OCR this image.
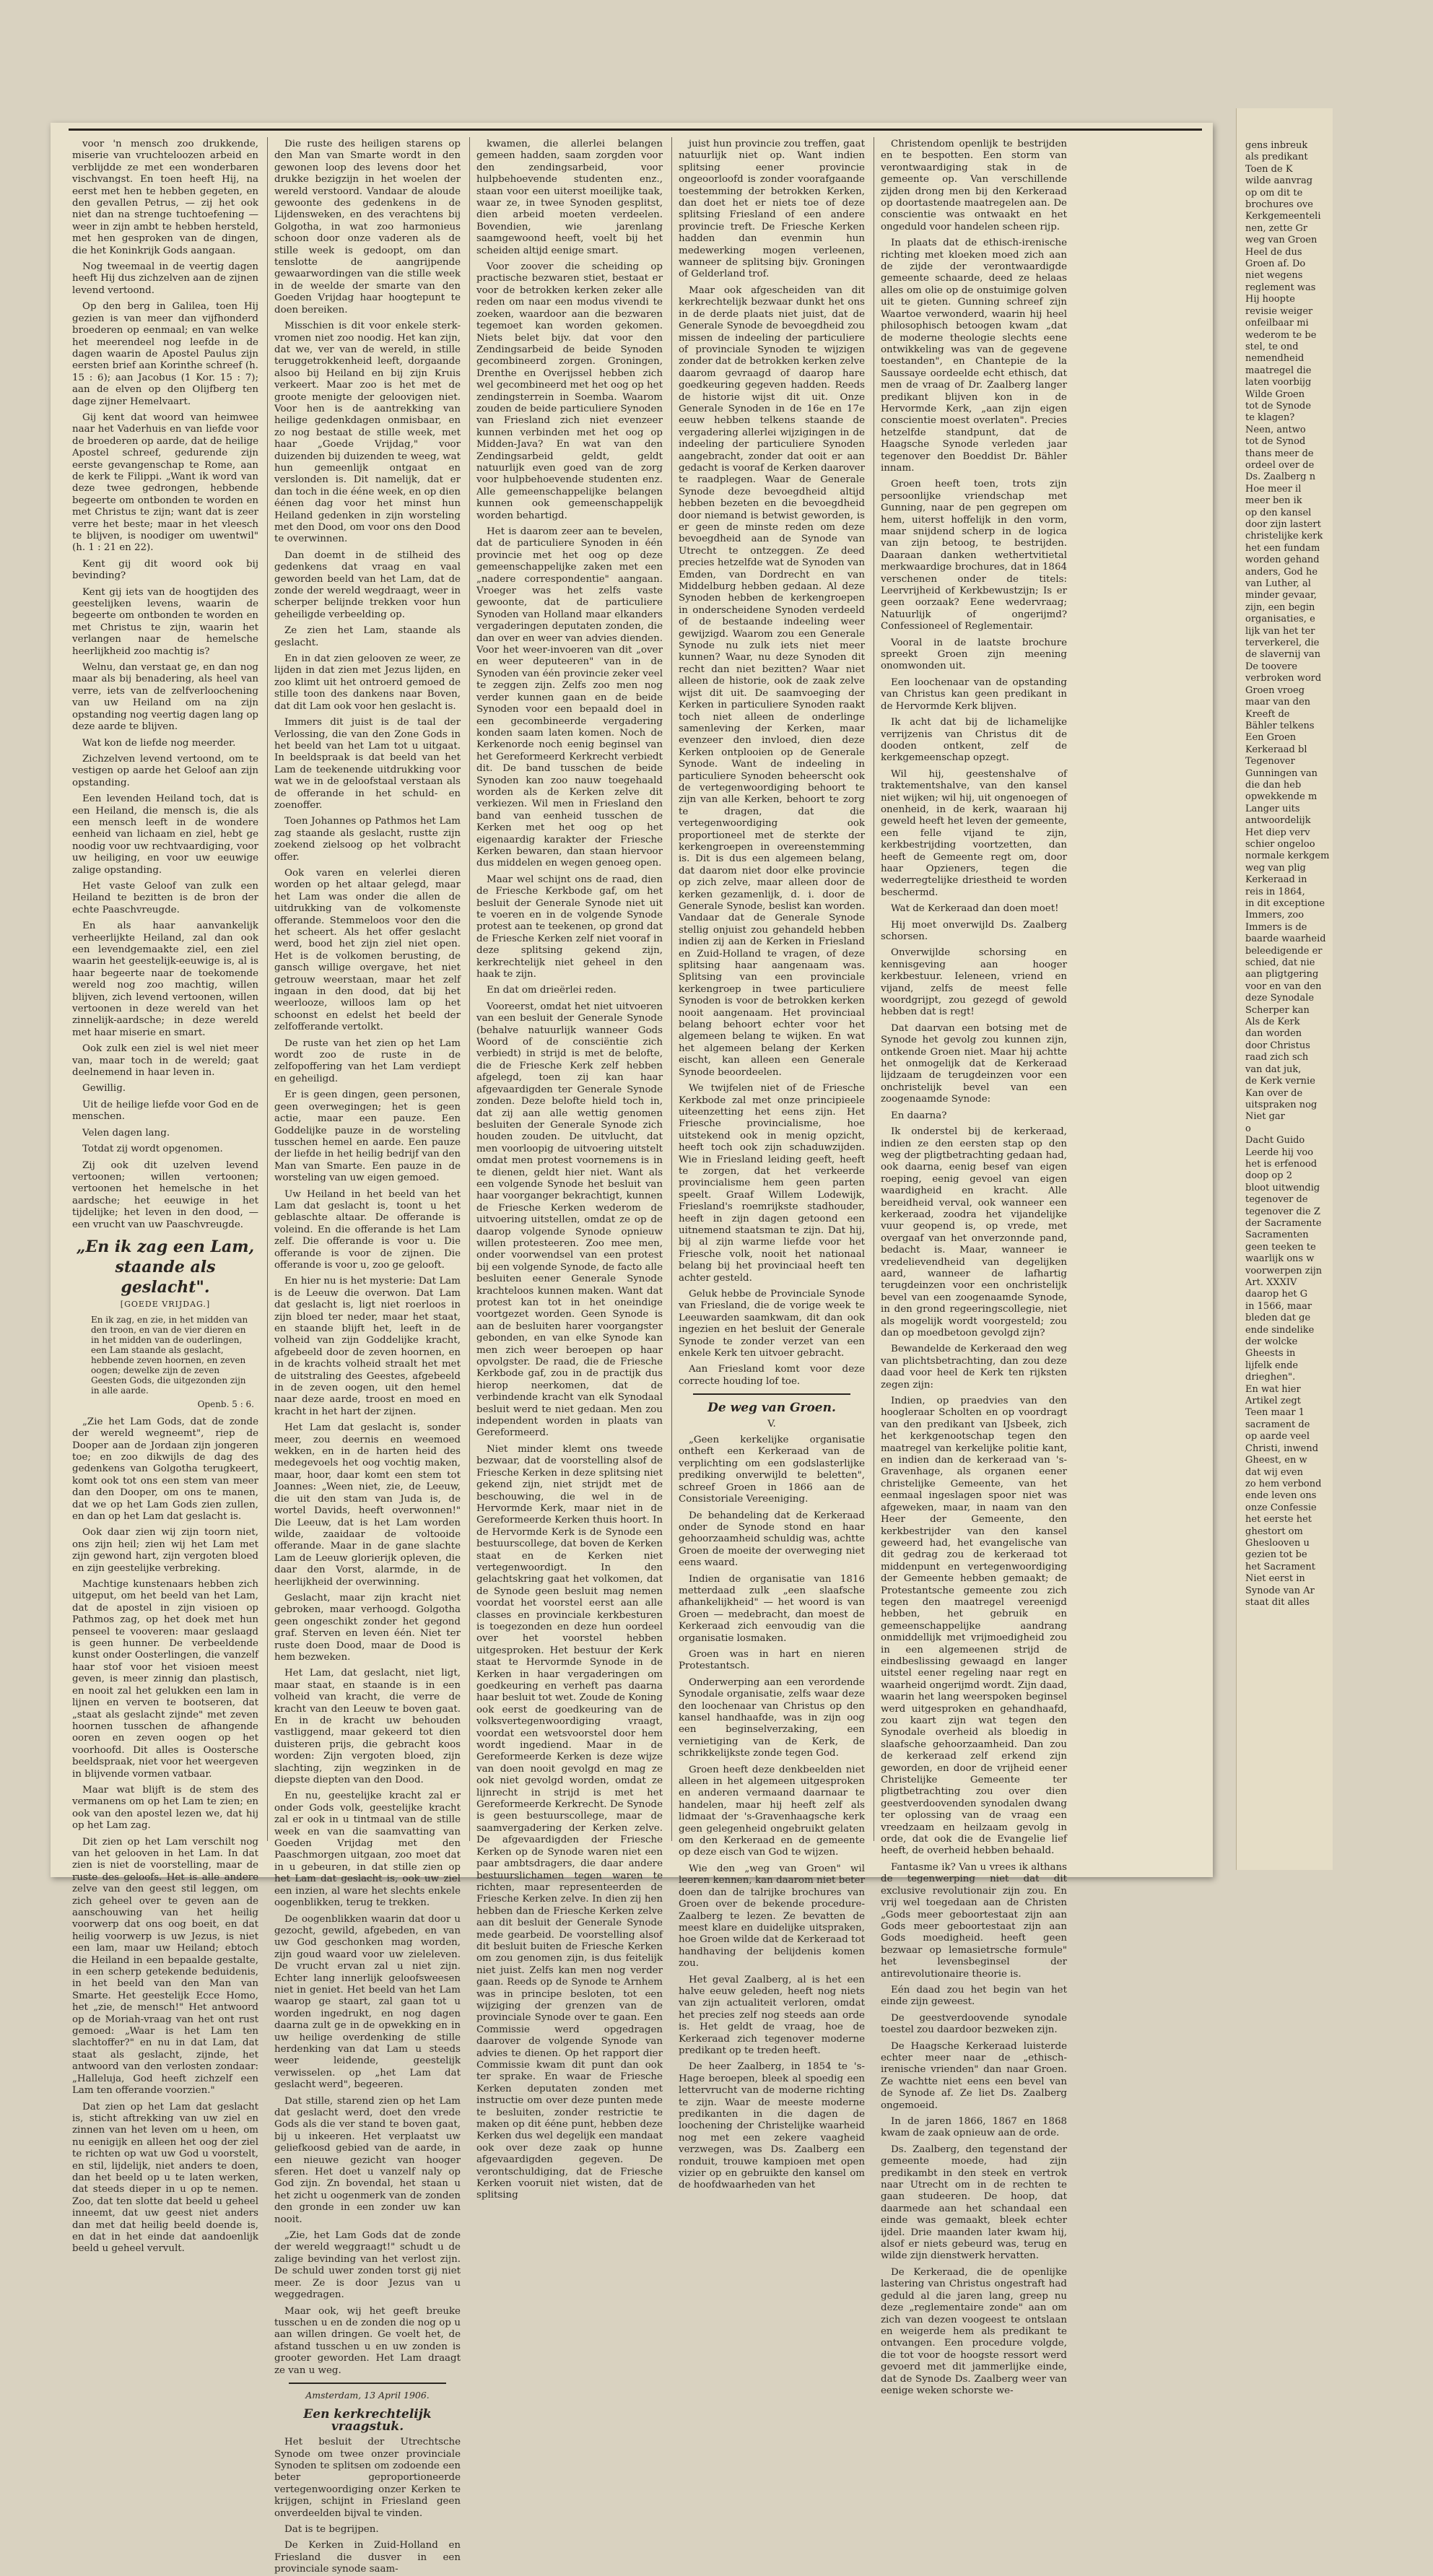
voor 'n mensch zoo drukkende, miserie van vruchteloozen arbeid en verblijdde ze met een wonderbaren vischvangst. En toen heeft Hij, na eerst met hen te hebben gegeten, en den gevallen Petrus, — zij het ook niet dan na strenge tuchtoefening — weer in zijn ambt te hebben hersteld, met hen gesproken van de dingen, die het Koninkrijk Gods aangaan.

Nog tweemaal in de veertig dagen heeft Hij dus zichzelven aan de zijnen levend vertoond.

Op den berg in Galilea, toen Hij gezien is van meer dan vijfhonderd broederen op eenmaal; en van welke het meerendeel nog leefde in de dagen waarin de Apostel Paulus zijn eersten brief aan Korinthe schreef (h. 15 : 6); aan Jacobus (1 Kor. 15 : 7); aan de elven op den Olijfberg ten dage zijner Hemelvaart.

Gij kent dat woord van heimwee naar het Vaderhuis en van liefde voor de broederen op aarde, dat de heilige Apostel schreef, gedurende zijn eerste gevangenschap te Rome, aan de kerk te Filippi. „Want ik word van deze twee gedrongen, hebbende begeerte om ontbonden te worden en met Christus te zijn; want dat is zeer verre het beste; maar in het vleesch te blijven, is noodiger om uwentwil" (h. 1 : 21 en 22).

Kent gij dit woord ook bij bevinding?

Kent gij iets van de hoogtijden des geestelijken levens, waarin de begeerte om ontbonden te worden en met Christus te zijn, waarin het verlangen naar de hemelsche heerlijkheid zoo machtig is?

Welnu, dan verstaat ge, en dan nog maar als bij benadering, als heel van verre, iets van de zelfverloochening van uw Heiland om na zijn opstanding nog veertig dagen lang op deze aarde te blijven.

Wat kon de liefde nog meerder.

Zichzelven levend vertoond, om te vestigen op aarde het Geloof aan zijn opstanding.

Een levenden Heiland toch, dat is een Heiland, die mensch is, die als een mensch leeft in de wondere eenheid van lichaam en ziel, hebt ge noodig voor uw rechtvaardiging, voor uw heiliging, en voor uw eeuwige zalige opstanding.

Het vaste Geloof van zulk een Heiland te bezitten is de bron der echte Paaschvreugde.

En als haar aanvankelijk verheerlijkte Heiland, zal dan ook een levendgemaakte ziel, een ziel waarin het geestelijk-eeuwige is, al is haar begeerte naar de toekomende wereld nog zoo machtig, willen blijven, zich levend vertoonen, willen vertoonen in deze wereld van het zinnelijk-aardsche; in deze wereld met haar miserie en smart.

Ook zulk een ziel is wel niet meer van, maar toch in de wereld; gaat deelnemend in haar leven in.

Gewillig.

Uit de heilige liefde voor God en de menschen.

Velen dagen lang.

Totdat zij wordt opgenomen.

Zij ook dit uzelven levend vertoonen; willen vertoonen; vertoonen het hemelsche in het aardsche; het eeuwige in het tijdelijke; het leven in den dood, — een vrucht van uw Paaschvreugde.

„En ik zag een Lam, staande als geslacht".
[GOEDE VRIJDAG.]
En ik zag, en zie, in het midden van den troon, en van de vier dieren en in het midden van de ouderlingen, een Lam staande als geslacht, hebbende zeven hoornen, en zeven oogen; dewelke zijn de zeven Geesten Gods, die uitgezonden zijn in alle aarde.
Openb. 5 : 6.

„Zie het Lam Gods, dat de zonde der wereld wegneemt", riep de Dooper aan de Jordaan zijn jongeren toe; en zoo dikwijls de dag des gedenkens van Golgotha terugkeert, komt ook tot ons een stem van meer dan den Dooper, om ons te manen, dat we op het Lam Gods zien zullen, en dan op het Lam dat geslacht is.

Ook daar zien wij zijn toorn niet, ons zijn heil; zien wij het Lam met zijn gewond hart, zijn vergoten bloed en zijn geestelijke verbreking.

Machtige kunstenaars hebben zich uitgeput, om het beeld van het Lam, dat de apostel in zijn visioen op Pathmos zag, op het doek met hun penseel te vooveren: maar geslaagd is geen hunner. De verbeeldende kunst onder Oosterlingen, die vanzelf haar stof voor het visioen meest geven, is meer zinnig dan plastisch, en nooit zal het gelukken een lam in lijnen en verven te bootseren, dat „staat als geslacht zijnde" met zeven hoornen tusschen de afhangende ooren en zeven oogen op het voorhoofd. Dit alles is Oostersche beeldspraak, niet voor het weergeven in blijvende vormen vatbaar.

Maar wat blijft is de stem des vermanens om op het Lam te zien; en ook van den apostel lezen we, dat hij op het Lam zag.

Dit zien op het Lam verschilt nog van het gelooven in het Lam. In dat zien is niet de voorstelling, maar de ruste des geloofs. Het is alle andere zelve van den geest stil leggen, om zich geheel over te geven aan de aanschouwing van het heilig voorwerp dat ons oog boeit, en dat heilig voorwerp is uw Jezus, is niet een lam, maar uw Heiland; ebtoch die Heiland in een bepaalde gestalte, in een scherp getekende beduidenis, in het beeld van den Man van Smarte. Het geestelijk Ecce Homo, het „zie, de mensch!" Het antwoord op de Moriah-vraag van het ont rust gemoed: „Waar is het Lam ten slachtoffer?" en nu in dat Lam, dat staat als geslacht, zijnde, het antwoord van den verlosten zondaar: „Halleluja, God heeft zichzelf een Lam ten offerande voorzien."

Dat zien op het Lam dat geslacht is, sticht aftrekking van uw ziel en zinnen van het leven om u heen, om nu eenigijk en alleen het oog der ziel te richten op wat uw God u voorstelt, en stil, lijdelijk, niet anders te doen, dan het beeld op u te laten werken, dat steeds dieper in u op te nemen. Zoo, dat ten slotte dat beeld u geheel inneemt, dat uw geest niet anders dan met dat heilig beeld doende is, en dat in het einde dat aandoenlijk beeld u geheel vervult.

Die ruste des heiligen starens op den Man van Smarte wordt in den gewonen loop des levens door het drukke bezigzijn in het woelen der wereld verstoord. Vandaar de aloude gewoonte des gedenkens in de Lijdensweken, en des verachtens bij Golgotha, in wat zoo harmonieus schoon door onze vaderen als de stille week is gedoopt, om dan tenslotte de aangrijpende gewaarwordingen van die stille week in de weelde der smarte van den Goeden Vrijdag haar hoogtepunt te doen bereiken.

Misschien is dit voor enkele sterk-vromen niet zoo noodig. Het kan zijn, dat we, ver van de wereld, in stille teruggetrokkenheid leeft, dorgaande alsoo bij Heiland en bij zijn Kruis verkeert. Maar zoo is het met de groote menigte der geloovigen niet. Voor hen is de aantrekking van heilige gedenkdagen onmisbaar, en zo nog bestaat de stille week, met haar „Goede Vrijdag," voor duizenden bij duizenden te weeg, wat hun gemeenlijk ontgaat en verslonden is. Dit namelijk, dat er dan toch in die ééne week, en op dien éénen dag voor het minst hun Heiland gedenken in zijn worsteling met den Dood, om voor ons den Dood te overwinnen.

Dan doemt in de stilheid des gedenkens dat vraag en vaal geworden beeld van het Lam, dat de zonde der wereld wegdraagt, weer in scherper belijnde trekken voor hun geheiligde verbeelding op.

Ze zien het Lam, staande als geslacht.

En in dat zien gelooven ze weer, ze lijden in dat zien met Jezus lijden, en zoo klimt uit het ontroerd gemoed de stille toon des dankens naar Boven, dat dit Lam ook voor hen geslacht is.

Immers dit juist is de taal der Verlossing, die van den Zone Gods in het beeld van het Lam tot u uitgaat. In beeldspraak is dat beeld van het Lam de teekenende uitdrukking voor wat we in de geloofstaal verstaan als de offerande in het schuld- en zoenoffer.

Toen Johannes op Pathmos het Lam zag staande als geslacht, rustte zijn zoekend zielsoog op het volbracht offer.

Ook varen en velerlei dieren worden op het altaar gelegd, maar het Lam was onder die allen de uitdrukking van de volkomenste offerande. Stemmeloos voor den die het scheert. Als het offer geslacht werd, bood het zijn ziel niet open. Het is de volkomen berusting, de gansch willige overgave, het niet getrouw weerstaan, maar het zelf ingaan in den dood, dat bij het weerlooze, willoos lam op het schoonst en edelst het beeld der zelfofferande vertolkt.

De ruste van het zien op het Lam wordt zoo de ruste in de zelfopoffering van het Lam verdiept en geheiligd.

Er is geen dingen, geen personen, geen overwegingen; het is geen actie, maar een pauze. Een Goddelijke pauze in de worsteling tusschen hemel en aarde. Een pauze der liefde in het heilig bedrijf van den Man van Smarte. Een pauze in de worsteling van uw eigen gemoed.

Uw Heiland in het beeld van het Lam dat geslacht is, toont u het geblaschte altaar. De offerande is voleind. En die offerande is het Lam zelf. Die offerande is voor u. Die offerande is voor de zijnen. Die offerande is voor u, zoo ge gelooft.

En hier nu is het mysterie: Dat Lam is de Leeuw die overwon. Dat Lam dat geslacht is, ligt niet roerloos in zijn bloed ter neder, maar het staat, en staande blijft het, leeft in de volheid van zijn Goddelijke kracht, afgebeeld door de zeven hoornen, en in de krachts volheid straalt het met de uitstraling des Geestes, afgebeeld in de zeven oogen, uit den hemel naar deze aarde, troost en moed en kracht in het hart der zijnen.

Het Lam dat geslacht is, sonder meer, zou deernis en weemoed wekken, en in de harten heid des medegevoels het oog vochtig maken, maar, hoor, daar komt een stem tot Joannes: „Ween niet, zie, de Leeuw, die uit den stam van Juda is, de wortel Davids, heeft overwonnen!" Die Leeuw, dat is het Lam worden wilde, zaaidaar de voltooide offerande. Maar in de gane slachte Lam de Leeuw glorierijk opleven, die daar den Vorst, alarmde, in de heerlijkheid der overwinning.

Geslacht, maar zijn kracht niet gebroken, maar verhoogd. Golgotha geen ongeschikt zonder het gegond graf. Sterven en leven één. Niet ter ruste doen Dood, maar de Dood is hem bezweken.

Het Lam, dat geslacht, niet ligt, maar staat, en staande is in een volheid van kracht, die verre de kracht van den Leeuw te boven gaat. En in de kracht uw behouden vastliggend, maar gekeerd tot dien duisteren prijs, die gebracht koos worden: Zijn vergoten bloed, zijn slachting, zijn wegzinken in de diepste diepten van den Dood.

En nu, geestelijke kracht zal er onder Gods volk, geestelijke kracht zal er ook in u tintmaal van de stille week en van die saamvatting van Goeden Vrijdag met den Paaschmorgen uitgaan, zoo moet dat in u gebeuren, in dat stille zien op het Lam dat geslacht is, ook uw ziel een inzien, al ware het slechts enkele oogenblikken, terug te trekken.

De oogenblikken waarin dat door u gezocht, gewild, afgebeden, en van uw God geschonken mag worden, zijn goud waard voor uw zieleleven. De vrucht ervan zal u niet zijn. Echter lang innerlijk geloofsweesen niet in geniet. Het beeld van het Lam waarop ge staart, zal gaan tot u worden ingedrukt, en nog dagen daarna zult ge in de opwekking en in uw heilige overdenking de stille herdenking van dat Lam u steeds weer leidende, geestelijk verwisselen. op „het Lam dat geslacht werd", begeeren.

Dat stille, starend zien op het Lam dat geslacht werd, doet den vrede Gods als die ver stand te boven gaat, bij u inkeeren. Het verplaatst uw geliefkoosd gebied van de aarde, in een nieuwe gezicht van hooger sferen. Het doet u vanzelf naly op God zijn. Zn bovendal, het staan u het zicht u oogenmerk van de zonden den gronde in een zonder uw kan nooit.

„Zie, het Lam Gods dat de zonde der wereld weggraagt!" schudt u de zalige bevinding van het verlost zijn. De schuld uwer zonden torst gij niet meer. Ze is door Jezus van u weggedragen.

Maar ook, wij het geeft breuke tusschen u en de zonden die nog op u aan willen dringen. Ge voelt het, de afstand tusschen u en uw zonden is grooter geworden. Het Lam draagt ze van u weg.

Amsterdam, 13 April 1906.
Een kerkrechtelijk vraagstuk.

Het besluit der Utrechtsche Synode om twee onzer provinciale Synoden te splitsen om zodoende een beter geproportioneerde vertegenwoordiging onzer Kerken te krijgen, schijnt in Friesland geen onverdeelden bijval te vinden.

Dat is te begrijpen.

De Kerken in Zuid-Holland en Friesland die dusver in een provinciale synode saam-

kwamen, die allerlei belangen gemeen hadden, saam zorgden voor den zendingsarbeid, voor hulpbehoevende studenten enz., staan voor een uiterst moeilijke taak, waar ze, in twee Synoden gesplitst, dien arbeid moeten verdeelen. Bovendien, wie jarenlang saamgewoond heeft, voelt bij het scheiden altijd eenige smart.

Voor zoover die scheiding op practische bezwaren stiet, bestaat er voor de betrokken kerken zeker alle reden om naar een modus vivendi te zoeken, waardoor aan die bezwaren tegemoet kan worden gekomen. Niets belet bijv. dat voor den Zendingsarbeid de beide Synoden gecombineerd zorgen. Groningen, Drenthe en Overijssel hebben zich wel gecombineerd met het oog op het zendingsterrein in Soemba. Waarom zouden de beide particuliere Synoden van Friesland zich niet evenzeer kunnen verbinden met het oog op Midden-Java? En wat van den Zendingsarbeid geldt, geldt natuurlijk even goed van de zorg voor hulpbehoevende studenten enz. Alle gemeenschappelijke belangen kunnen ook gemeenschappelijk worden behartigd.

Het is daarom zeer aan te bevelen, dat de particuliere Synoden in één provincie met het oog op deze gemeenschappelijke zaken met een „nadere correspondentie" aangaan. Vroeger was het zelfs vaste gewoonte, dat de particuliere Synoden van Holland maar elkanders vergaderingen deputaten zonden, die dan over en weer van advies dienden. Voor het weer-invoeren van dit „over en weer deputeeren" van in de Synoden van één provincie zeker veel te zeggen zijn. Zelfs zoo men nog verder kunnen gaan en de beide Synoden voor een bepaald doel in een gecombineerde vergadering konden saam laten komen. Noch de Kerkenorde noch eenig beginsel van het Gereformeerd Kerkrecht verbiedt dit. De band tusschen de beide Synoden kan zoo nauw toegehaald worden als de Kerken zelve dit verkiezen. Wil men in Friesland den band van eenheid tusschen de Kerken met het oog op het eigenaardig karakter der Friesche Kerken bewaren, dan staan hiervoor dus middelen en wegen genoeg open.

Maar wel schijnt ons de raad, dien de Friesche Kerkbode gaf, om het besluit der Generale Synode niet uit te voeren en in de volgende Synode protest aan te teekenen, op grond dat de Friesche Kerken zelf niet vooraf in deze splitsing gekend zijn, kerkrechtelijk niet geheel in den haak te zijn.

En dat om drieërlei reden.

Vooreerst, omdat het niet uitvoeren van een besluit der Generale Synode (behalve natuurlijk wanneer Gods Woord of de consciëntie zich verbiedt) in strijd is met de belofte, die de Friesche Kerk zelf hebben afgelegd, toen zij kan haar afgevaardigden ter Generale Synode zonden. Deze belofte hield toch in, dat zij aan alle wettig genomen besluiten der Generale Synode zich houden zouden. De uitvlucht, dat men voorloopig de uitvoering uitstelt omdat men protest voornemens is in te dienen, geldt hier niet. Want als een volgende Synode het besluit van haar voorganger bekrachtigt, kunnen de Friesche Kerken wederom de uitvoering uitstellen, omdat ze op de daarop volgende Synode opnieuw willen protesteeren. Zoo mee men, onder voorwendsel van een protest bij een volgende Synode, de facto alle besluiten eener Generale Synode krachteloos kunnen maken. Want dat protest kan tot in het oneindige voortgezet worden. Geen Synode is aan de besluiten harer voorgangster gebonden, en van elke Synode kan men zich weer beroepen op haar opvolgster. De raad, die de Friesche Kerkbode gaf, zou in de practijk dus hierop neerkomen, dat de verbindende kracht van elk Synodaal besluit werd te niet gedaan. Men zou independent worden in plaats van Gereformeerd.

Niet minder klemt ons tweede bezwaar, dat de voorstelling alsof de Friesche Kerken in deze splitsing niet gekend zijn, niet strijdt met de beschouwing, die wel in de Hervormde Kerk, maar niet in de Gereformeerde Kerken thuis hoort. In de Hervormde Kerk is de Synode een bestuurscollege, dat boven de Kerken staat en de Kerken niet vertegenwoordigt. In den gelachtskring gaat het volkomen, dat de Synode geen besluit mag nemen voordat het voorstel eerst aan alle classes en provinciale kerkbesturen is toegezonden en deze hun oordeel over het voorstel hebben uitgesproken. Het bestuur der Kerk staat te Hervormde Synode in de Kerken in haar vergaderingen om goedkeuring en verheft pas daarna haar besluit tot wet. Zoude de Koning ook eerst de goedkeuring van de volksvertegenwoordiging vraagt, voordat een wetsvoorstel door hem wordt ingediend. Maar in de Gereformeerde Kerken is deze wijze van doen nooit gevolgd en mag ze ook niet gevolgd worden, omdat ze lijnrecht in strijd is met het Gereformeerde Kerkrecht. De Synode is geen bestuurscollege, maar de saamvergadering der Kerken zelve. De afgevaardigden der Friesche Kerken op de Synode waren niet een paar ambtsdragers, die daar andere bestuurslichamen tegen waren te richten, maar representeerden de Friesche Kerken zelve. In dien zij hen hebben dan de Friesche Kerken zelve aan dit besluit der Generale Synode mede gearbeid. De voorstelling alsof dit besluit buiten de Friesche Kerken om zou genomen zijn, is dus feitelijk niet juist. Zelfs kan men nog verder gaan. Reeds op de Synode te Arnhem was in principe besloten, tot een wijziging der grenzen van de provinciale Synode over te gaan. Een Commissie werd opgedragen daarover de volgende Synode van advies te dienen. Op het rapport dier Commissie kwam dit punt dan ook ter sprake. En waar de Friesche Kerken deputaten zonden met instructie om over deze punten mede te besluiten, zonder restrictie te maken op dit ééne punt, hebben deze Kerken dus wel degelijk een mandaat ook over deze zaak op hunne afgevaardigden gegeven. De verontschuldiging, dat de Friesche Kerken vooruit niet wisten, dat de splitsing

juist hun provincie zou treffen, gaat natuurlijk niet op. Want indien splitsing eener provincie ongeoorloofd is zonder voorafgaande toestemming der betrokken Kerken, dan doet het er niets toe of deze splitsing Friesland of een andere provincie treft. De Friesche Kerken hadden dan evenmin hun medewerking mogen verleenen, wanneer de splitsing bijv. Groningen of Gelderland trof.

Maar ook afgescheiden van dit kerkrechtelijk bezwaar dunkt het ons in de derde plaats niet juist, dat de Generale Synode de bevoegdheid zou missen de indeeling der particuliere of provinciale Synoden te wijzigen zonder dat de betrokken kerken zelve daarom gevraagd of daarop hare goedkeuring gegeven hadden. Reeds de historie wijst dit uit. Onze Generale Synoden in de 16e en 17e eeuw hebben telkens staande de vergadering allerlei wijzigingen in de indeeling der particuliere Synoden aangebracht, zonder dat ooit er aan gedacht is vooraf de Kerken daarover te raadplegen. Waar de Generale Synode deze bevoegdheid altijd hebben bezeten en die bevoegdheid door niemand is betwist geworden, is er geen de minste reden om deze bevoegdheid aan de Synode van Utrecht te ontzeggen. Ze deed precies hetzelfde wat de Synoden van Emden, van Dordrecht en van Middelburg hebben gedaan. Al deze Synoden hebben de kerkengroepen in onderscheidene Synoden verdeeld of de bestaande indeeling weer gewijzigd. Waarom zou een Generale Synode nu zulk iets niet meer kunnen? Waar, nu deze Synoden dit recht dan niet bezitten? Waar niet alleen de historie, ook de zaak zelve wijst dit uit. De saamvoeging der Kerken in particuliere Synoden raakt toch niet alleen de onderlinge samenleving der Kerken, maar evenzeer den invloed, dien deze Kerken ontplooien op de Generale Synode. Want de indeeling in particuliere Synoden beheerscht ook de vertegenwoordiging behoort te zijn van alle Kerken, behoort te zorg te dragen, dat die vertegenwoordiging ook proportioneel met de sterkte der kerkengroepen in overeenstemming is. Dit is dus een algemeen belang, dat daarom niet door elke provincie op zich zelve, maar alleen door de kerken gezamenlijk, d. i. door de Generale Synode, beslist kan worden. Vandaar dat de Generale Synode stellig onjuist zou gehandeld hebben indien zij aan de Kerken in Friesland en Zuid-Holland te vragen, of deze splitsing haar aangenaam was. Splitsing van een provinciale kerkengroep in twee particuliere Synoden is voor de betrokken kerken nooit aangenaam. Het provinciaal belang behoort echter voor het algemeen belang te wijken. En wat het algemeen belang der Kerken eischt, kan alleen een Generale Synode beoordeelen.

We twijfelen niet of de Friesche Kerkbode zal met onze principieele uiteenzetting het eens zijn. Het Friesche provincialisme, hoe uitstekend ook in menig opzicht, heeft toch ook zijn schaduwzijden. Wie in Friesland leiding geeft, heeft te zorgen, dat het verkeerde provincialisme hem geen parten speelt. Graaf Willem Lodewijk, Friesland's roemrijkste stadhouder, heeft in zijn dagen getoond een uitnemend staatsman te zijn. Dat hij, bij al zijn warme liefde voor het Friesche volk, nooit het nationaal belang bij het provinciaal heeft ten achter gesteld.

Geluk hebbe de Provinciale Synode van Friesland, die de vorige week te Leeuwarden saamkwam, dit dan ook ingezien en het besluit der Generale Synode te zonder verzet van een enkele Kerk ten uitvoer gebracht.

Aan Friesland komt voor deze correcte houding lof toe.

De weg van Groen.
V.

„Geen kerkelijke organisatie ontheft een Kerkeraad van de verplichting om een godslasterlijke prediking onverwijld te beletten", schreef Groen in 1866 aan de Consistoriale Vereeniging.

De behandeling dat de Kerkeraad onder de Synode stond en haar gehoorzaamheid schuldig was, achtte Groen de moeite der overweging niet eens waard.

Indien de organisatie van 1816 metterdaad zulk „een slaafsche afhankelijkheid" — het woord is van Groen — medebracht, dan moest de Kerkeraad zich eenvoudig van die organisatie losmaken.

Groen was in hart en nieren Protestantsch.

Onderwerping aan een verordende Synodale organisatie, zelfs waar deze den loochenaar van Christus op den kansel handhaafde, was in zijn oog een beginselverzaking, een vernietiging van de Kerk, de schrikkelijkste zonde tegen God.

Groen heeft deze denkbeelden niet alleen in het algemeen uitgesproken en anderen vermaand daarnaar te handelen, maar hij heeft zelf als lidmaat der 's-Gravenhaagsche kerk geen gelegenheid ongebruikt gelaten om den Kerkeraad en de gemeente op deze eisch van God te wijzen.

Wie den „weg van Groen" wil leeren kennen, kan daarom niet beter doen dan de talrijke brochures van Groen over de bekende procedure-Zaalberg te lezen. Ze bevatten de meest klare en duidelijke uitspraken, hoe Groen wilde dat de Kerkeraad tot handhaving der belijdenis komen zou.

Het geval Zaalberg, al is het een halve eeuw geleden, heeft nog niets van zijn actualiteit verloren, omdat het precies zelf nog steeds aan orde is. Het geldt de vraag, hoe de Kerkeraad zich tegenover moderne predikant op te treden heeft.

De heer Zaalberg, in 1854 te 's-Hage beroepen, bleek al spoedig een lettervrucht van de moderne richting te zijn. Waar de meeste moderne predikanten in die dagen de loochening der Christelijke waarheid nog met een zekere vaagheid verzwegen, was Ds. Zaalberg een ronduit, trouwe kampioen met open vizier op en gebruikte den kansel om de hoofdwaarheden van het

Christendom openlijk te bestrijden en te bespotten. Een storm van verontwaardiging stak in de gemeente op. Van verschillende zijden drong men bij den Kerkeraad op doortastende maatregelen aan. De conscientie was ontwaakt en het ongeduld voor handelen scheen rijp.

In plaats dat de ethisch-irenische richting met kloeken moed zich aan de zijde der verontwaardigde gemeente schaarde, deed ze helaas alles om olie op de onstuimige golven uit te gieten. Gunning schreef zijn Waartoe verwonderd, waarin hij heel philosophisch betoogen kwam „dat de moderne theologie slechts eene ontwikkeling was van de gegevene toestanden", en Chantepie de la Saussaye oordeelde echt ethisch, dat men de vraag of Dr. Zaalberg langer predikant blijven kon in de Hervormde Kerk, „aan zijn eigen conscientie moest overlaten". Precies hetzelfde standpunt, dat de Haagsche Synode verleden jaar tegenover den Boeddist Dr. Bähler innam.

Groen heeft toen, trots zijn persoonlijke vriendschap met Gunning, naar de pen gegrepen om hem, uiterst hoffelijk in den vorm, maar snijdend scherp in de logica van zijn betoog, te bestrijden. Daaraan danken wethertvitietal merkwaardige brochures, dat in 1864 verschenen onder de titels: Leervrijheid of Kerkbewustzijn; Is er geen oorzaak? Eene wedervraag; Natuurlijk of ongerijmd? Confessioneel of Reglementair.

Vooral in de laatste brochure spreekt Groen zijn meening onomwonden uit.

Een loochenaar van de opstanding van Christus kan geen predikant in de Hervormde Kerk blijven.

Ik acht dat bij de lichamelijke verrijzenis van Christus dit de dooden ontkent, zelf de kerkgemeenschap opzegt.

Wil hij, geestenshalve of traktementshalve, van den kansel niet wijken; wil hij, uit ongenoegen of onenheid, in de kerk, waaraan hij geweld heeft het leven der gemeente, een felle vijand te zijn, kerkbestrijding voortzetten, dan heeft de Gemeente regt om, door haar Opzieners, tegen die wederregtelijke driestheid te worden beschermd.

Wat de Kerkeraad dan doen moet!

Hij moet onverwijld Ds. Zaalberg schorsen.

Onverwijlde schorsing en kennisgeving aan hooger kerkbestuur. Ieleneen, vriend en vijand, zelfs de meest felle woordgrijpt, zou gezegd of gewold hebben dat is regt!

Dat daarvan een botsing met de Synode het gevolg zou kunnen zijn, ontkende Groen niet. Maar hij achtte het onmogelijk dat de Kerkeraad lijdzaam de terugdeinzen voor een onchristelijk bevel van een zoogenaamde Synode:

En daarna?

Ik onderstel bij de kerkeraad, indien ze den eersten stap op den weg der pligtbetrachting gedaan had, ook daarna, eenig besef van eigen roeping, eenig gevoel van eigen waardigheid en kracht. Alle bereidheid verval, ook wanneer een kerkeraad, zoodra het vijandelijke vuur geopend is, op vrede, met overgaaf van het onverzonnde pand, bedacht is. Maar, wanneer ie vredelievendheid van degelijken aard, wanneer de lafhartig terugdeinzen voor een onchristelijk bevel van een zoogenaamde Synode, in den grond regeeringscollegie, niet als mogelijk wordt voorgesteld; zou dan op moedbetoon gevolgd zijn?

Bewandelde de Kerkeraad den weg van plichtsbetrachting, dan zou deze daad voor heel de Kerk ten rijksten zegen zijn:

Indien, op praedvies van den hoogleraar Scholten en op voordragt van den predikant van IJsbeek, zich het kerkgenootschap tegen den maatregel van kerkelijke politie kant, en indien dan de kerkeraad van 's-Gravenhage, als organen eener christelijke Gemeente, van het eenmaal ingeslagen spoor niet was afgeweken, maar, in naam van den Heer der Gemeente, den kerkbestrijder van den kansel geweerd had, het evangelische van dit gedrag zou de kerkeraad tot middenpunt en vertegenwoordiging der Gemeente hebben gemaakt; de Protestantsche gemeente zou zich tegen den maatregel vereenigd hebben, het gebruik en gemeenschappelijke aandrang onmiddellijk met vrijmoedigheid zou in een algemeenen strijd de eindbeslissing gewaagd en langer uitstel eener regeling naar regt en waarheid ongerijmd wordt. Zijn daad, waarin het lang weerspoken beginsel werd uitgesproken en gehandhaafd, zou kaart zijn wat tegen den Synodale overheid als bloedig in slaafsche gehoorzaamheid. Dan zou de kerkeraad zelf erkend zijn geworden, en door de vrijheid eener Christelijke Gemeente ter pligtbetrachting zou over dien geestverdoovenden synodalen dwang ter oplossing van de vraag een vreedzaam en heilzaam gevolg in orde, dat ook die de Evangelie lief heeft, de overheid hebben behaald.

Fantasme ik? Van u vrees ik althans de tegenwerping niet dat dit exclusive revolutionair zijn zou. En vrij wel toegedaan aan de Christen „Gods meer geboortestaat zijn aan Gods meer geboortestaat zijn aan Gods moedigheid. heeft geen bezwaar op lemasietrsche formule" het levensbeginsel der antirevolutionaire theorie is.

Eén daad zou het begin van het einde zijn geweest.

De geestverdoovende synodale toestel zou daardoor bezweken zijn.

De Haagsche Kerkeraad luisterde echter meer naar de „ethisch-irenische vrienden" dan naar Groen. Ze wachtte niet eens een bevel van de Synode af. Ze liet Ds. Zaalberg ongemoeid.

In de jaren 1866, 1867 en 1868 kwam de zaak opnieuw aan de orde.

Ds. Zaalberg, den tegenstand der gemeente moede, had zijn predikambt in den steek en vertrok naar Utrecht om in de rechten te gaan studeeren. De hoop, dat daarmede aan het schandaal een einde was gemaakt, bleek echter ijdel. Drie maanden later kwam hij, alsof er niets gebeurd was, terug en wilde zijn dienstwerk hervatten.

De Kerkeraad, die de openlijke lastering van Christus ongestraft had geduld al die jaren lang, greep nu deze „reglementaire zonde" aan om zich van dezen voogeest te ontslaan en weigerde hem als predikant te ontvangen. Een procedure volgde, die tot voor de hoogste ressort werd gevoerd met dit jammerlijke einde, dat de Synode Ds. Zaalberg weer van eenige weken schorste we-

gens inbreuk

als predikant

Toen de K

wilde aanvrag

op om dit te

brochures ove

Kerkgemeenteli

nen, zette Gr

weg van Groen

Heel de dus

Groen af. Do

niet wegens

reglement was

Hij hoopte

revisie weiger

onfeilbaar mi

wederom te be

stel, te ond

nemendheid

maatregel die

laten voorbijg

Wilde Groen

tot de Synode

te klagen?

Neen, antwo

tot de Synod

thans meer de

ordeel over de

Ds. Zaalberg n

Hoe meer il

meer ben ik

op den kansel

door zijn lastert

christelijke kerk

het een fundam

worden gehand

anders, God he

van Luther, al

minder gevaar,

zijn, een begin

organisaties, e

lijk van het ter

terverkerel, die

de slavernij van

De toovere

verbroken word

Groen vroeg

maar van den

Kreeft de

Bähler telkens

Een Groen

Kerkeraad bl

Tegenover

Gunningen van

die dan heb

opwekkende m

Langer uits

antwoordelijk

Het diep verv

schier ongeloo

normale kerkgem

weg van plig

Kerkeraad in

reis in 1864,

in dit exceptione

Immers, zoo

Immers is de

baarde waarheid

beleedigende er

schied, dat nie

aan pligtgering

voor en van den

deze Synodale

Scherper kan

Als de Kerk

dan worden

door Christus

raad zich sch

van dat juk,

de Kerk vernie

Kan over de

uitspraken nog

Niet gar

o

Dacht Guido

Leerde hij voo

het is erfenood

doop op 2

bloot uitwendig

tegenover de

tegenover die Z

der Sacramente

Sacramenten

geen teeken te

waarlijk ons w

voorwerpen zijn

Art. XXXIV

daarop het G

in 1566, maar

bleden dat ge

ende sindelike

der wolcke

Gheests in

lijfelk ende

drieghen".

En wat hier

Artikel zegt

Teen maar 1

sacrament de

op aarde veel

Christi, inwend

Gheest, en w

dat wij even

zo hem verbond

ende leven ons

onze Confessie

het eerste het

ghestort om

Gheslooven u

gezien tot be

het Sacrament

Niet eerst in

Synode van Ar

staat dit alles
